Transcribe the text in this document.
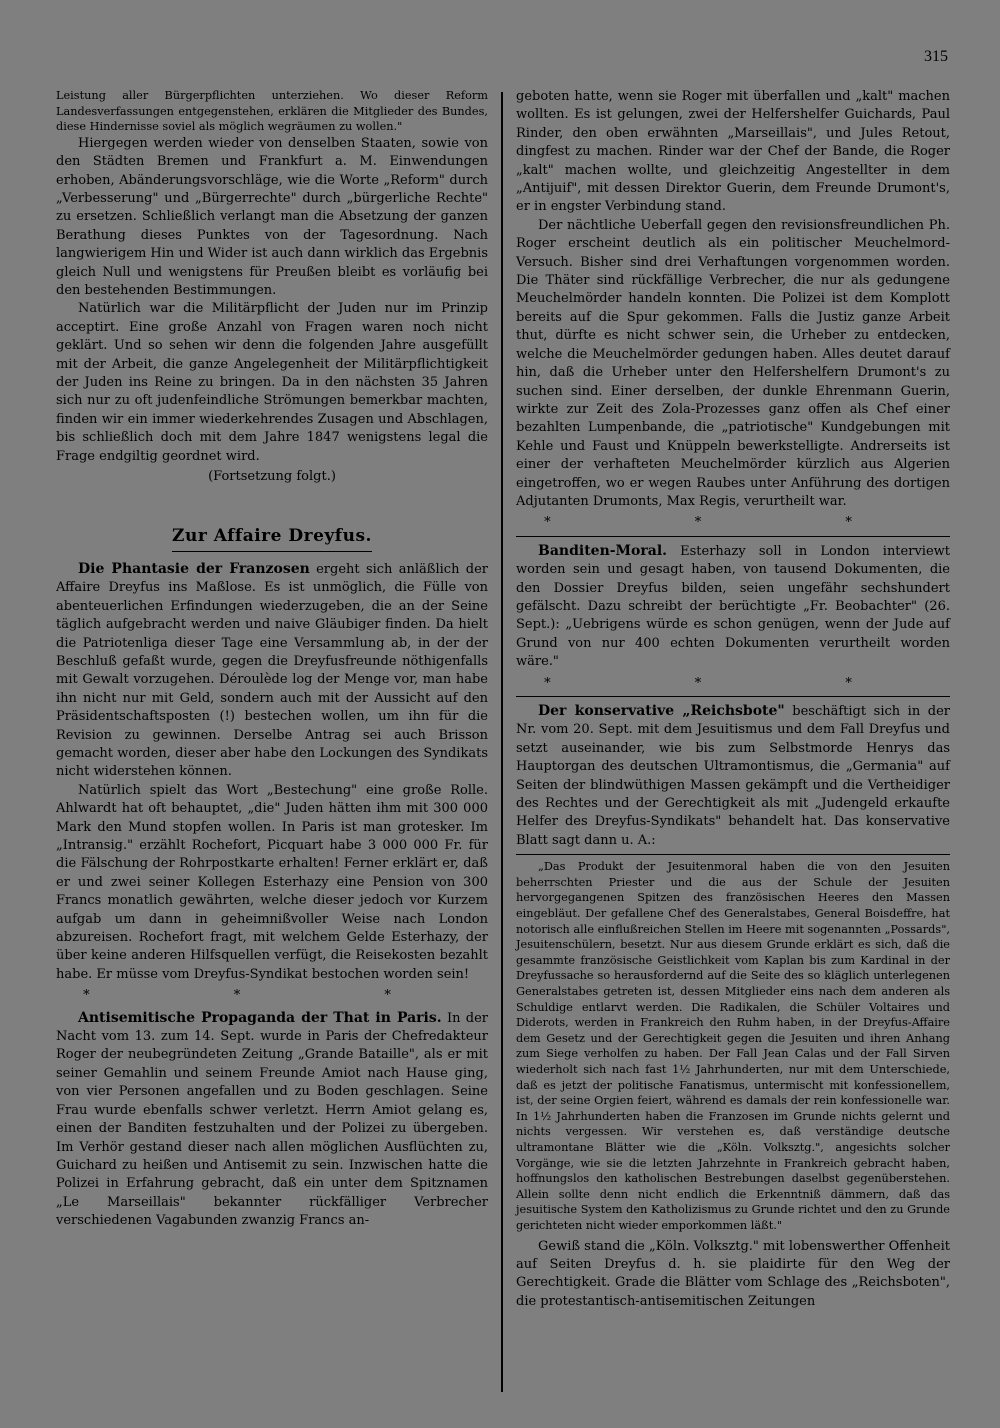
315

Leistung aller Bürgerpflichten unterziehen. Wo dieser Reform Landesverfassungen entgegenstehen, erklären die Mitglieder des Bundes, diese Hindernisse soviel als möglich wegräumen zu wollen."

Hiergegen werden wieder von denselben Staaten, sowie von den Städten Bremen und Frankfurt a. M. Einwendungen erhoben, Abänderungsvorschläge, wie die Worte „Reform" durch „Verbesserung" und „Bürgerrechte" durch „bürgerliche Rechte" zu ersetzen. Schließlich verlangt man die Absetzung der ganzen Berathung dieses Punktes von der Tagesordnung. Nach langwierigem Hin und Wider ist auch dann wirklich das Ergebnis gleich Null und wenigstens für Preußen bleibt es vorläufig bei den bestehenden Bestimmungen.

Natürlich war die Militärpflicht der Juden nur im Prinzip acceptirt. Eine große Anzahl von Fragen waren noch nicht geklärt. Und so sehen wir denn die folgenden Jahre ausgefüllt mit der Arbeit, die ganze Angelegenheit der Militärpflichtigkeit der Juden ins Reine zu bringen. Da in den nächsten 35 Jahren sich nur zu oft judenfeindliche Strömungen bemerkbar machten, finden wir ein immer wiederkehrendes Zusagen und Abschlagen, bis schließlich doch mit dem Jahre 1847 wenigstens legal die Frage endgiltig geordnet wird.

(Fortsetzung folgt.)

Zur Affaire Dreyfus.

Die Phantasie der Franzosen ergeht sich anläßlich der Affaire Dreyfus ins Maßlose. Es ist unmöglich, die Fülle von abenteuerlichen Erfindungen wiederzugeben, die an der Seine täglich aufgebracht werden und naive Gläubiger finden. Da hielt die Patriotenliga dieser Tage eine Versammlung ab, in der der Beschluß gefaßt wurde, gegen die Dreyfusfreunde nöthigenfalls mit Gewalt vorzugehen. Déroulède log der Menge vor, man habe ihn nicht nur mit Geld, sondern auch mit der Aussicht auf den Präsidentschaftsposten (!) bestechen wollen, um ihn für die Revision zu gewinnen. Derselbe Antrag sei auch Brisson gemacht worden, dieser aber habe den Lockungen des Syndikats nicht widerstehen können.

Natürlich spielt das Wort „Bestechung" eine große Rolle. Ahlwardt hat oft behauptet, „die" Juden hätten ihm mit 300 000 Mark den Mund stopfen wollen. In Paris ist man grotesker. Im „Intransig." erzählt Rochefort, Picquart habe 3 000 000 Fr. für die Fälschung der Rohrpostkarte erhalten! Ferner erklärt er, daß er und zwei seiner Kollegen Esterhazy eine Pension von 300 Francs monatlich gewährten, welche dieser jedoch vor Kurzem aufgab um dann in geheimnißvoller Weise nach London abzureisen. Rochefort fragt, mit welchem Gelde Esterhazy, der über keine anderen Hilfsquellen verfügt, die Reisekosten bezahlt habe. Er müsse vom Dreyfus-Syndikat bestochen worden sein!

* * *

Antisemitische Propaganda der That in Paris. In der Nacht vom 13. zum 14. Sept. wurde in Paris der Chefredakteur Roger der neubegründeten Zeitung „Grande Bataille", als er mit seiner Gemahlin und seinem Freunde Amiot nach Hause ging, von vier Personen angefallen und zu Boden geschlagen. Seine Frau wurde ebenfalls schwer verletzt. Herrn Amiot gelang es, einen der Banditen festzuhalten und der Polizei zu übergeben. Im Verhör gestand dieser nach allen möglichen Ausflüchten zu, Guichard zu heißen und Antisemit zu sein. Inzwischen hatte die Polizei in Erfahrung gebracht, daß ein unter dem Spitznamen „Le Marseillais" bekannter rückfälliger Verbrecher verschiedenen Vagabunden zwanzig Francs an-

geboten hatte, wenn sie Roger mit überfallen und „kalt" machen wollten. Es ist gelungen, zwei der Helfershelfer Guichards, Paul Rinder, den oben erwähnten „Marseillais", und Jules Retout, dingfest zu machen. Rinder war der Chef der Bande, die Roger „kalt" machen wollte, und gleichzeitig Angestellter in dem „Antijuif", mit dessen Direktor Guerin, dem Freunde Drumont's, er in engster Verbindung stand.

Der nächtliche Ueberfall gegen den revisionsfreundlichen Ph. Roger erscheint deutlich als ein politischer Meuchelmord-Versuch. Bisher sind drei Verhaftungen vorgenommen worden. Die Thäter sind rückfällige Verbrecher, die nur als gedungene Meuchelmörder handeln konnten. Die Polizei ist dem Komplott bereits auf die Spur gekommen. Falls die Justiz ganze Arbeit thut, dürfte es nicht schwer sein, die Urheber zu entdecken, welche die Meuchelmörder gedungen haben. Alles deutet darauf hin, daß die Urheber unter den Helfershelfern Drumont's zu suchen sind. Einer derselben, der dunkle Ehrenmann Guerin, wirkte zur Zeit des Zola-Prozesses ganz offen als Chef einer bezahlten Lumpenbande, die „patriotische" Kundgebungen mit Kehle und Faust und Knüppeln bewerkstelligte. Andrerseits ist einer der verhafteten Meuchelmörder kürzlich aus Algerien eingetroffen, wo er wegen Raubes unter Anführung des dortigen Adjutanten Drumonts, Max Regis, verurtheilt war.

* * *

Banditen-Moral. Esterhazy soll in London interviewt worden sein und gesagt haben, von tausend Dokumenten, die den Dossier Dreyfus bilden, seien ungefähr sechshundert gefälscht. Dazu schreibt der berüchtigte „Fr. Beobachter" (26. Sept.): „Uebrigens würde es schon genügen, wenn der Jude auf Grund von nur 400 echten Dokumenten verurtheilt worden wäre."

* * *

Der konservative „Reichsbote" beschäftigt sich in der Nr. vom 20. Sept. mit dem Jesuitismus und dem Fall Dreyfus und setzt auseinander, wie bis zum Selbstmorde Henrys das Hauptorgan des deutschen Ultramontismus, die „Germania" auf Seiten der blindwüthigen Massen gekämpft und die Vertheidiger des Rechtes und der Gerechtigkeit als mit „Judengeld erkaufte Helfer des Dreyfus-Syndikats" behandelt hat. Das konservative Blatt sagt dann u. A.:

„Das Produkt der Jesuitenmoral haben die von den Jesuiten beherrschten Priester und die aus der Schule der Jesuiten hervorgegangenen Spitzen des französischen Heeres den Massen eingebläut. Der gefallene Chef des Generalstabes, General Boisdeffre, hat notorisch alle einflußreichen Stellen im Heere mit sogenannten „Possards", Jesuitenschülern, besetzt. Nur aus diesem Grunde erklärt es sich, daß die gesammte französische Geistlichkeit vom Kaplan bis zum Kardinal in der Dreyfussache so herausfordernd auf die Seite des so kläglich unterlegenen Generalstabes getreten ist, dessen Mitglieder eins nach dem anderen als Schuldige entlarvt werden. Die Radikalen, die Schüler Voltaires und Diderots, werden in Frankreich den Ruhm haben, in der Dreyfus-Affaire dem Gesetz und der Gerechtigkeit gegen die Jesuiten und ihren Anhang zum Siege verholfen zu haben. Der Fall Jean Calas und der Fall Sirven wiederholt sich nach fast 1½ Jahrhunderten, nur mit dem Unterschiede, daß es jetzt der politische Fanatismus, untermischt mit konfessionellem, ist, der seine Orgien feiert, während es damals der rein konfessionelle war. In 1½ Jahrhunderten haben die Franzosen im Grunde nichts gelernt und nichts vergessen. Wir verstehen es, daß verständige deutsche ultramontane Blätter wie die „Köln. Volksztg.", angesichts solcher Vorgänge, wie sie die letzten Jahrzehnte in Frankreich gebracht haben, hoffnungslos den katholischen Bestrebungen daselbst gegenüberstehen. Allein sollte denn nicht endlich die Erkenntniß dämmern, daß das jesuitische System den Katholizismus zu Grunde richtet und den zu Grunde gerichteten nicht wieder emporkommen läßt."

Gewiß stand die „Köln. Volksztg." mit lobenswerther Offenheit auf Seiten Dreyfus d. h. sie plaidirte für den Weg der Gerechtigkeit. Grade die Blätter vom Schlage des „Reichsboten", die protestantisch-antisemitischen Zeitungen
